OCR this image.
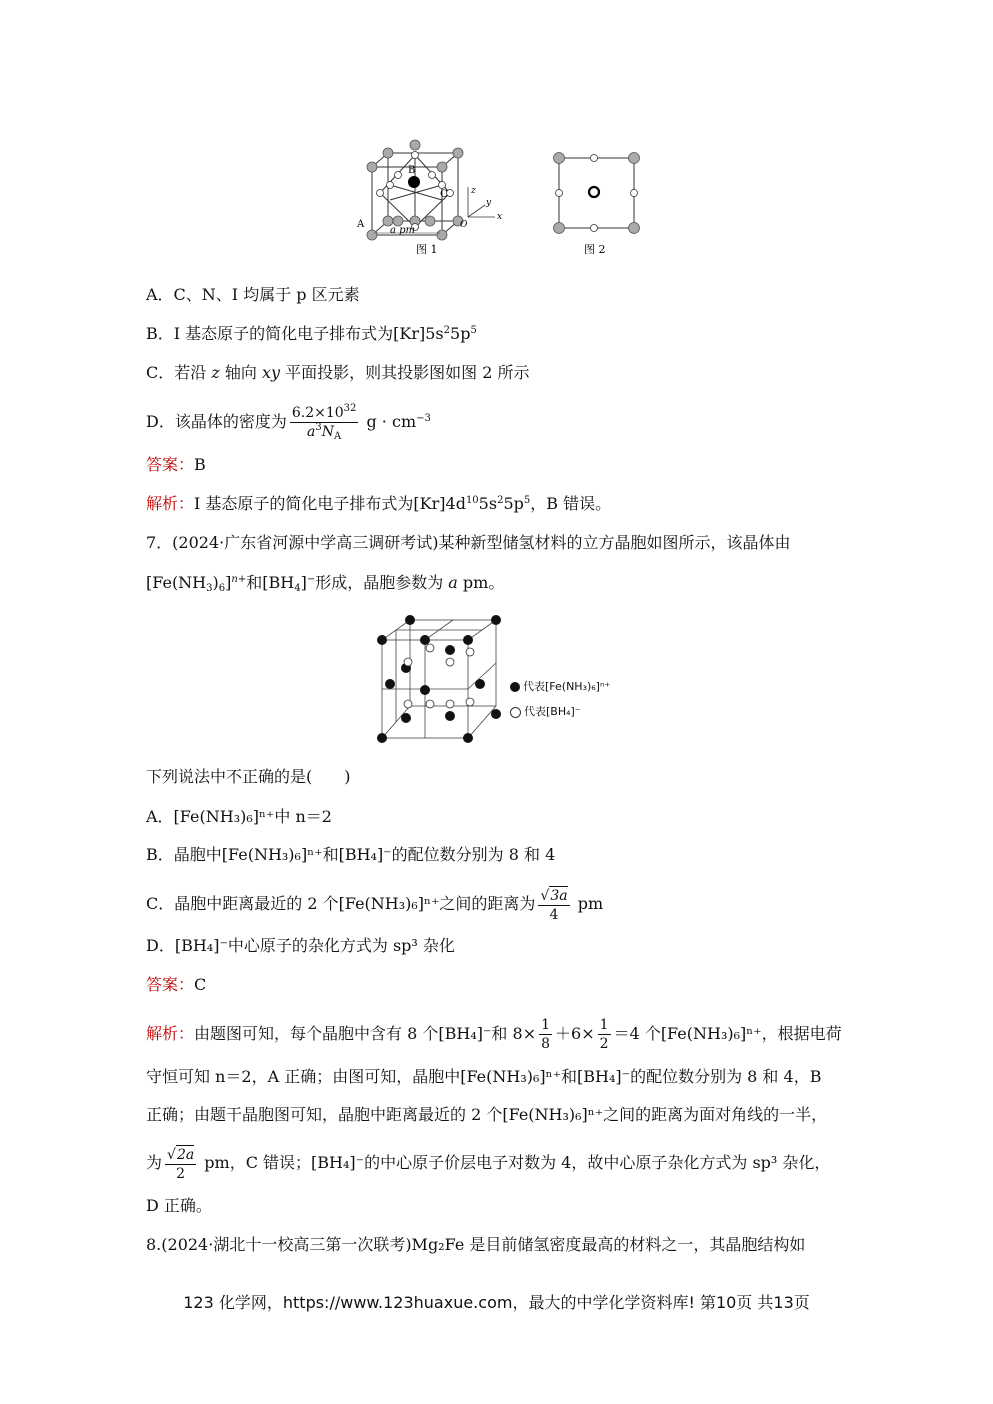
B
C
A
a pm
z
y
O
x
图 1	图 2
A．C、N、I 均属于 p 区元素
B．I 基态原子的简化电子排布式为$[Kr]5s^25p^5$
C．若沿 z 轴向 xy 平面投影，则其投影图如图 2 所示
D．该晶体的密度为 $\frac{6.2\times 10^{32}}{a^3N_A}$ $g \cdot cm^{-3}$
答案：B
解析：I 基态原子的简化电子排布式为$[Kr]4d^{10}5s^25p^5$，B 错误。
7．(2024·广东省河源中学高三调研考试)某种新型储氢材料的立方晶胞如图所示，该晶体由
$[Fe(NH_3)_6]^{n+}$和$[BH_4]^-$形成，晶胞参数为 a pm。
代表[Fe(NH₃)₆]ⁿ⁺
代表[BH₄]⁻
下列说法中不正确的是(　　)
A．[Fe(NH₃)₆]ⁿ⁺中 n＝2
B．晶胞中[Fe(NH₃)₆]ⁿ⁺和[BH₄]⁻的配位数分别为 8 和 4
C．晶胞中距离最近的 2 个[Fe(NH₃)₆]ⁿ⁺之间的距离为 $\frac{√3a}{4}$ pm
D．[BH₄]⁻中心原子的杂化方式为 sp³ 杂化
答案：C
解析：由题图可知，每个晶胞中含有 8 个[BH₄]⁻和 $8\times \frac{1}{8} +6\times \frac{1}{2} =4$ 个[Fe(NH₃)₆]ⁿ⁺，根据电荷
守恒可知 n＝2，A 正确；由图可知，晶胞中[Fe(NH₃)₆]ⁿ⁺和[BH₄]⁻的配位数分别为 8 和 4，B
正确；由题干晶胞图可知，晶胞中距离最近的 2 个[Fe(NH₃)₆]ⁿ⁺之间的距离为面对角线的一半，
为 $\frac{√2a}{2}$ pm，C 错误；[BH₄]⁻的中心原子价层电子对数为 4，故中心原子杂化方式为 sp³ 杂化，
D 正确。
8.(2024·湖北十一校高三第一次联考)Mg₂Fe 是目前储氢密度最高的材料之一，其晶胞结构如
123 化学网，https://www.123huaxue.com，最大的中学化学资料库! 第10页 共13页
